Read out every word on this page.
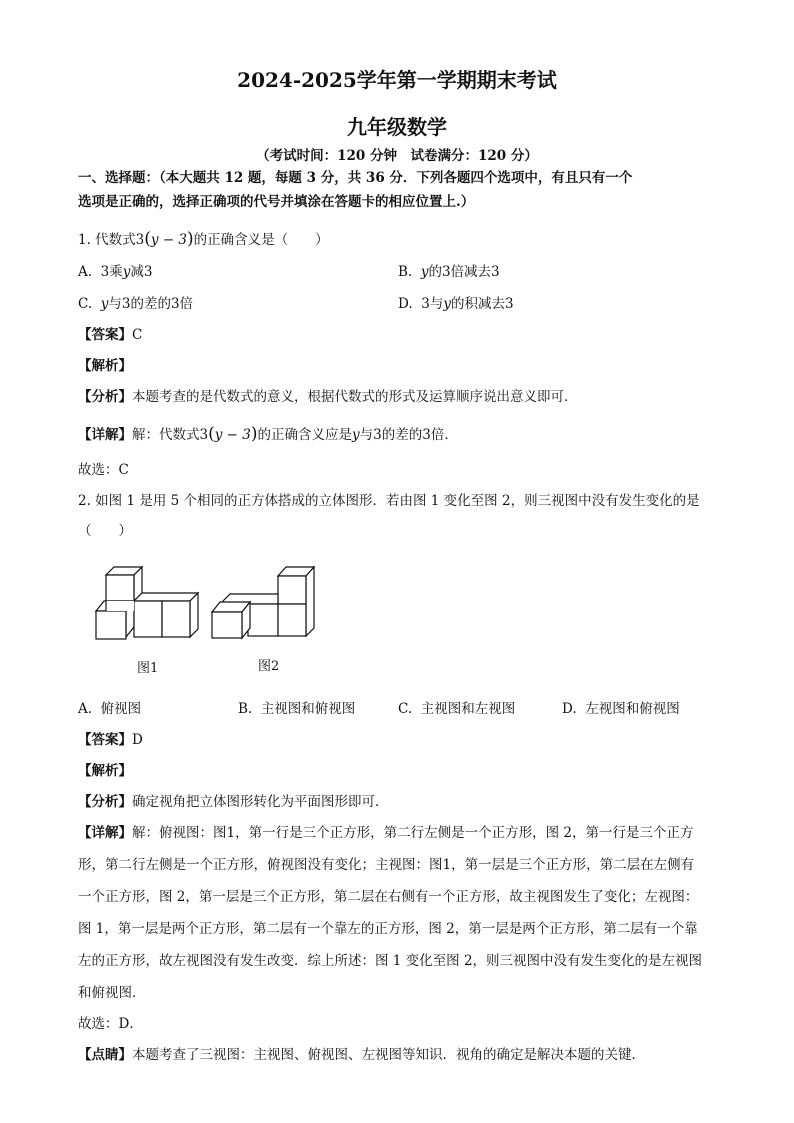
2024-2025学年第一学期期末考试
九年级数学
（考试时间：120 分钟　试卷满分：120 分）
一、选择题：（本大题共 12 题，每题 3 分，共 36 分．下列各题四个选项中，有且只有一个
选项是正确的，选择正确项的代号并填涂在答题卡的相应位置上.）
1. 代数式3(y − 3)的正确含义是（　　）
A. 3乘y减3	B. y的3倍减去3
C. y与3的差的3倍	D. 3与y的积减去3
【答案】C
【解析】
【分析】本题考查的是代数式的意义，根据代数式的形式及运算顺序说出意义即可．
【详解】解：代数式3(y − 3)的正确含义应是y与3的差的3倍．
故选：C
2. 如图 1 是用 5 个相同的正方体搭成的立体图形．若由图 1 变化至图 2，则三视图中没有发生变化的是
（　　）
图1	图2
A. 俯视图	B. 主视图和俯视图	C. 主视图和左视图	D. 左视图和俯视图
【答案】D
【解析】
【分析】确定视角把立体图形转化为平面图形即可．
【详解】解：俯视图：图1，第一行是三个正方形，第二行左侧是一个正方形，图 2，第一行是三个正方
形，第二行左侧是一个正方形，俯视图没有变化；主视图：图1，第一层是三个正方形，第二层在左侧有
一个正方形，图 2，第一层是三个正方形，第二层在右侧有一个正方形，故主视图发生了变化；左视图：
图 1，第一层是两个正方形，第二层有一个靠左的正方形，图 2，第一层是两个正方形，第二层有一个靠
左的正方形，故左视图没有发生改变．综上所述：图 1 变化至图 2，则三视图中没有发生变化的是左视图
和俯视图．
故选：D．
【点睛】本题考查了三视图：主视图、俯视图、左视图等知识．视角的确定是解决本题的关键．
